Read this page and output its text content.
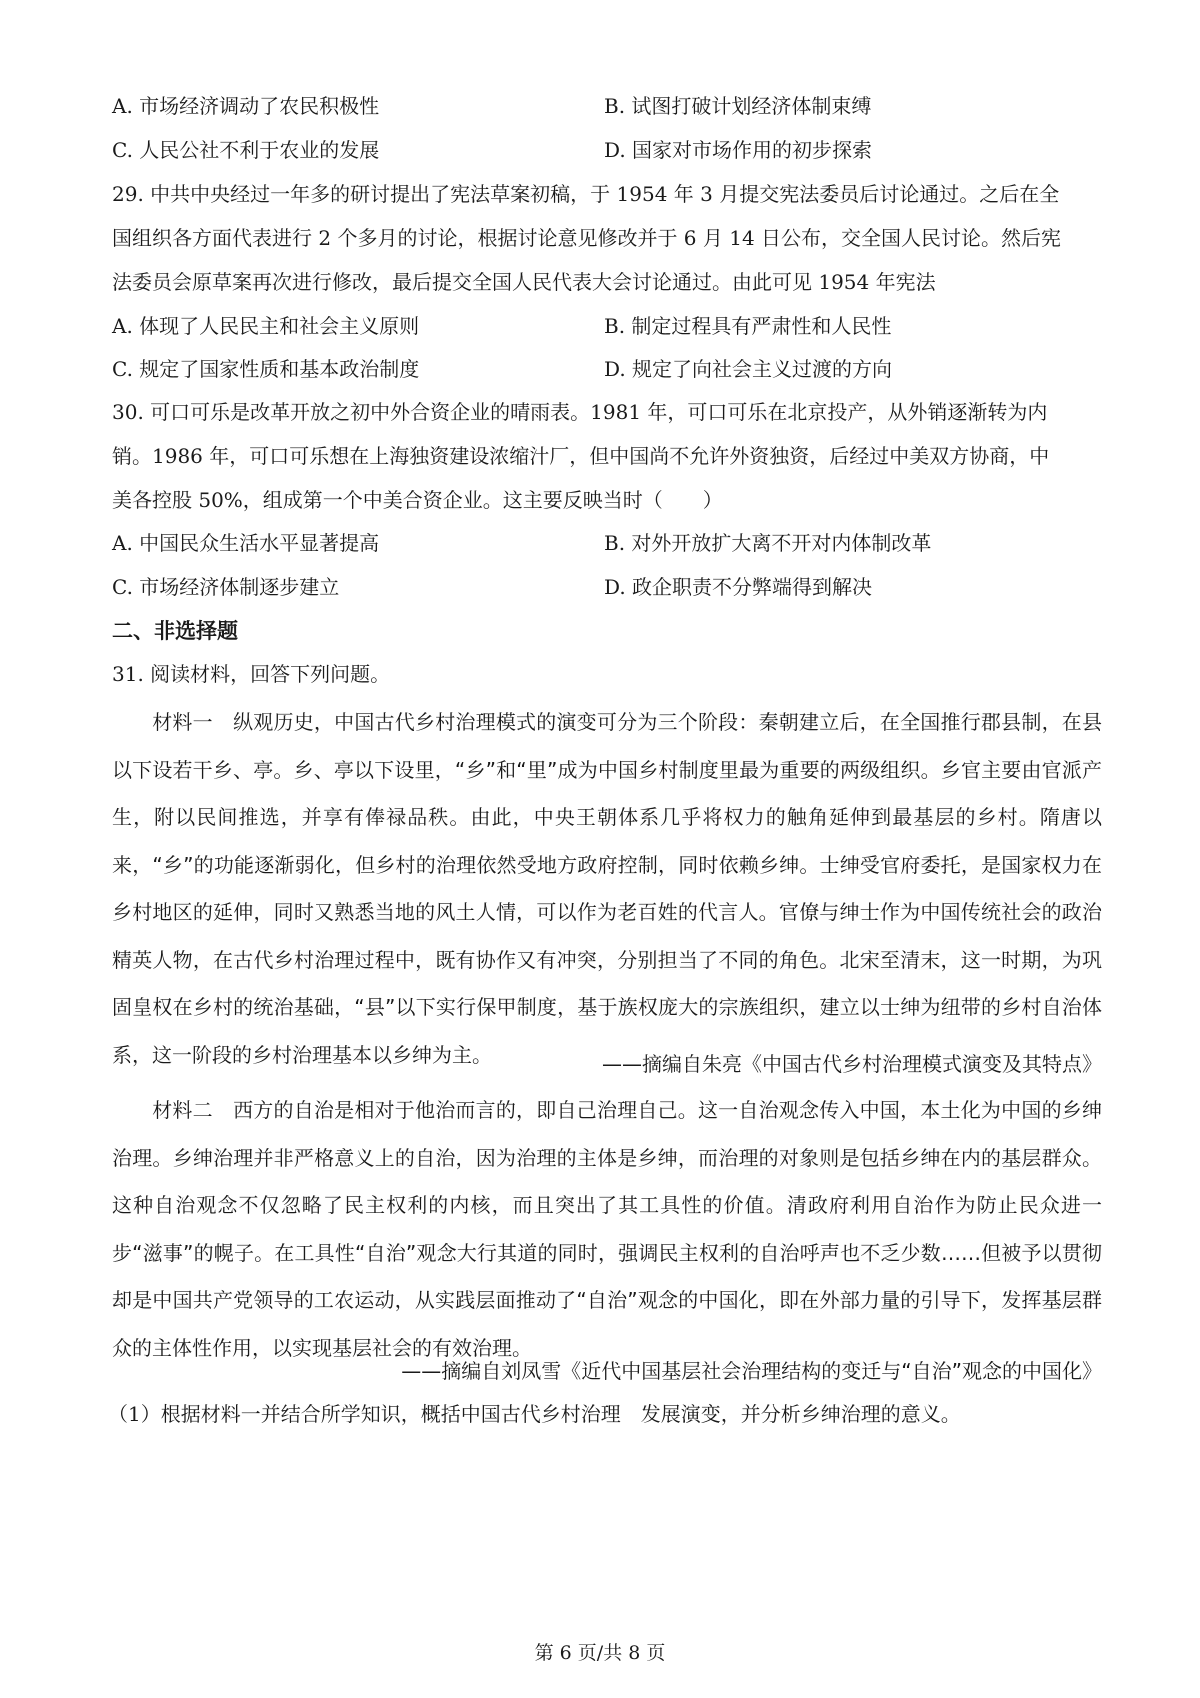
A. 市场经济调动了农民积极性	B. 试图打破计划经济体制束缚
C. 人民公社不利于农业的发展	D. 国家对市场作用的初步探索
29. 中共中央经过一年多的研讨提出了宪法草案初稿，于 1954 年 3 月提交宪法委员后讨论通过。之后在全
国组织各方面代表进行 2 个多月的讨论，根据讨论意见修改并于 6 月 14 日公布，交全国人民讨论。然后宪
法委员会原草案再次进行修改，最后提交全国人民代表大会讨论通过。由此可见 1954 年宪法
A. 体现了人民民主和社会主义原则	B. 制定过程具有严肃性和人民性
C. 规定了国家性质和基本政治制度	D. 规定了向社会主义过渡的方向
30. 可口可乐是改革开放之初中外合资企业的晴雨表。1981 年，可口可乐在北京投产，从外销逐渐转为内
销。1986 年，可口可乐想在上海独资建设浓缩汁厂，但中国尚不允许外资独资，后经过中美双方协商，中
美各控股 50%，组成第一个中美合资企业。这主要反映当时（　　）
A. 中国民众生活水平显著提高	B. 对外开放扩大离不开对内体制改革
C. 市场经济体制逐步建立	D. 政企职责不分弊端得到解决
二、非选择题
31. 阅读材料，回答下列问题。
材料一　纵观历史，中国古代乡村治理模式的演变可分为三个阶段：秦朝建立后，在全国推行郡县制，在县以下设若干乡、亭。乡、亭以下设里，“乡”和“里”成为中国乡村制度里最为重要的两级组织。乡官主要由官派产生，附以民间推选，并享有俸禄品秩。由此，中央王朝体系几乎将权力的触角延伸到最基层的乡村。隋唐以来，“乡”的功能逐渐弱化，但乡村的治理依然受地方政府控制，同时依赖乡绅。士绅受官府委托，是国家权力在乡村地区的延伸，同时又熟悉当地的风土人情，可以作为老百姓的代言人。官僚与绅士作为中国传统社会的政治精英人物，在古代乡村治理过程中，既有协作又有冲突，分别担当了不同的角色。北宋至清末，这一时期，为巩固皇权在乡村的统治基础，“县”以下实行保甲制度，基于族权庞大的宗族组织，建立以士绅为纽带的乡村自治体系，这一阶段的乡村治理基本以乡绅为主。	——摘编自朱亮《中国古代乡村治理模式演变及其特点》
材料二　西方的自治是相对于他治而言的，即自己治理自己。这一自治观念传入中国，本土化为中国的乡绅治理。乡绅治理并非严格意义上的自治，因为治理的主体是乡绅，而治理的对象则是包括乡绅在内的基层群众。这种自治观念不仅忽略了民主权利的内核，而且突出了其工具性的价值。清政府利用自治作为防止民众进一步“滋事”的幌子。在工具性“自治”观念大行其道的同时，强调民主权利的自治呼声也不乏少数……但被予以贯彻却是中国共产党领导的工农运动，从实践层面推动了“自治”观念的中国化，即在外部力量的引导下，发挥基层群众的主体性作用，以实现基层社会的有效治理。
——摘编自刘凤雪《近代中国基层社会治理结构的变迁与“自治”观念的中国化》
（1）根据材料一并结合所学知识，概括中国古代乡村治理　发展演变，并分析乡绅治理的意义。
第 6 页/共 8 页
